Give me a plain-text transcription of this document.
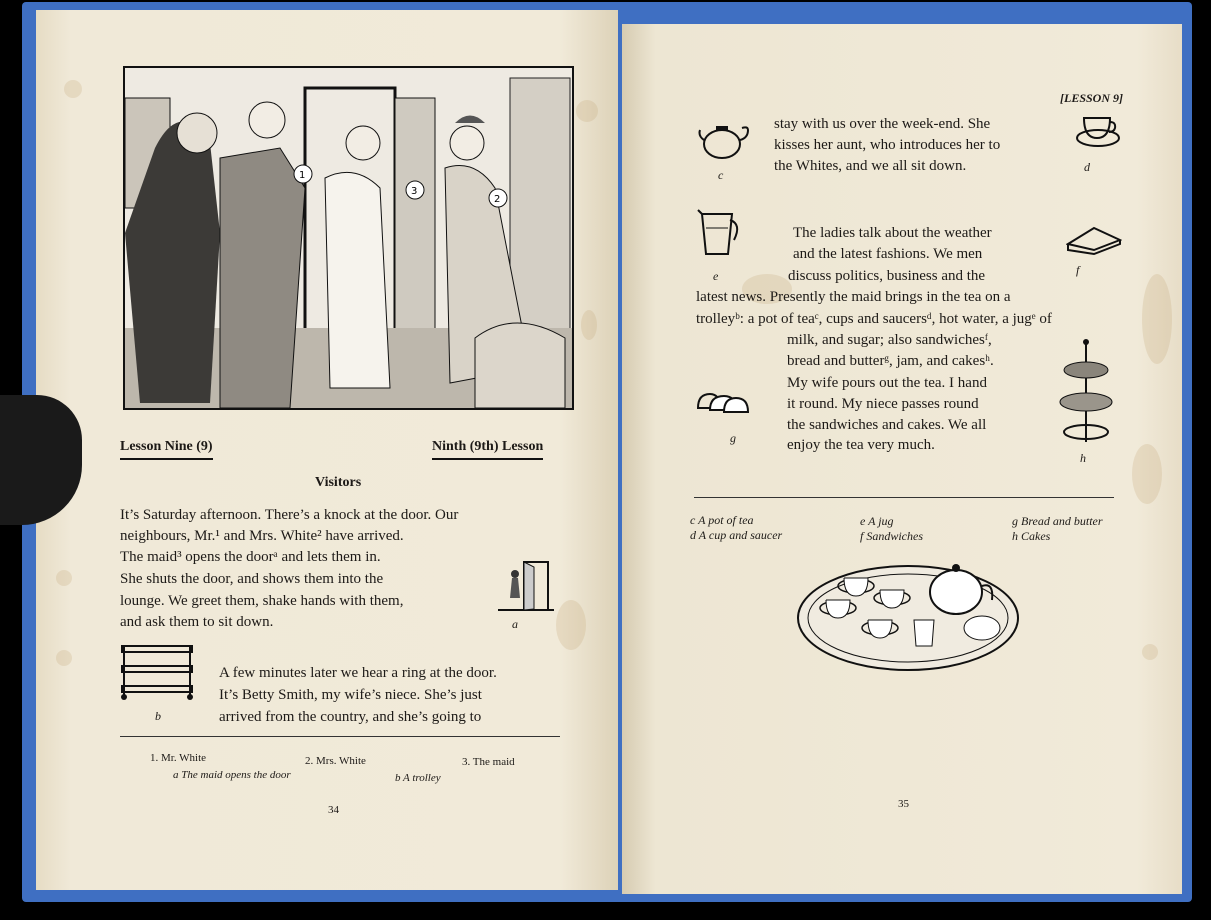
1
2
3
Lesson Nine (9)	Ninth (9th) Lesson
Visitors
It’s Saturday afternoon. There’s a knock at the door. Our
neighbours, Mr.¹ and Mrs. White² have arrived.
The maid³ opens the doorᵃ and lets them in.
She shuts the door, and shows them into the
lounge. We greet them, shake hands with them,
and ask them to sit down.	a
b
A few minutes later we hear a ring at the door.
It’s Betty Smith, my wife’s niece. She’s just
arrived from the country, and she’s going to
1. Mr. White	2. Mrs. White	3. The maid
a The maid opens the door	b A trolley
34
[LESSON 9]
c
d
stay with us over the week-end. She
kisses her aunt, who introduces her to
the Whites, and we all sit down.
e	f
The ladies talk about the weather
and the latest fashions. We men
discuss politics, business and the
latest news. Presently the maid brings in the tea on a
trolleyᵇ: a pot of teaᶜ, cups and saucersᵈ, hot water, a jugᵉ of
milk, and sugar; also sandwichesᶠ,
bread and butterᵍ, jam, and cakesʰ.
My wife pours out the tea. I hand
it round. My niece passes round
the sandwiches and cakes. We all
enjoy the tea very much.
g
h
c A pot of tea
d A cup and saucer
e A jug
f Sandwiches
g Bread and butter
h Cakes
35
